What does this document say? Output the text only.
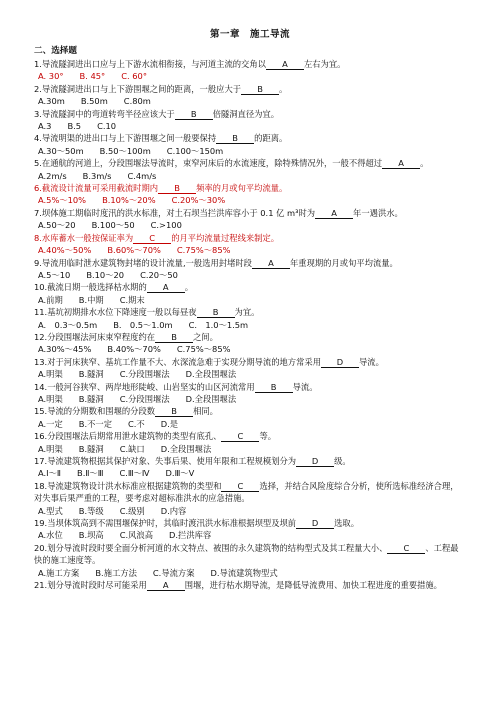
第一章　施工导流
二、选择题

1.导流隧洞进出口应与上下游水流相衔接，与河道主流的交角以 A 左右为宜。

A. 30° B. 45° C. 60°

2.导流隧洞进出口与上下游围堰之间的距离，一般应大于 B 。

A.30m B.50m C.80m

3.导流隧洞中的弯道转弯半径应该大于 B 倍隧洞直径为宜。

A.3 B.5 C.10

4.导流明渠的进出口与上下游围堰之间一般要保持 B 的距离。

A.30～50m B.50～100m C.100～150m

5.在通航的河道上，分段围堰法导流时，束窄河床后的水流速度，除特殊情况外，一般不得超过 A 。

A.2m/s B.3m/s C.4m/s

6.截流设计流量可采用截流时期内 B 频率的月或旬平均流量。

A.5%～10% B.10%～20% C.20%～30%

7.坝体施工期临时度汛的洪水标准，对土石坝当拦洪库容小于 0.1 亿 m³时为 A 年一遇洪水。

A.50～20 B.100～50 C.>100

8.水库蓄水一般按保证率为 C 的月平均流量过程线来制定。

A.40%～50% B.60%～70% C.75%～85%

9.导流用临时泄水建筑物封堵的设计流量,一般选用封堵时段 A 年重现期的月或旬平均流量。

A.5～10 B.10～20 C.20～50

10.截流日期一般选择枯水期的 A 。

A.前期 B.中期 C.期末

11.基坑初期排水水位下降速度一般以每昼夜 B 为宜。

A.　0.3～0.5m B.　0.5～1.0m C.　1.0～1.5m

12.分段围堰法河床束窄程度约在 B 之间。

A.30%～45% B.40%～70% C.75%～85%

13.对于河床狭窄、基坑工作量不大、水深流急难于实现分期导流的地方常采用 D 导流。

A.明渠 B.隧洞 C.分段围堰法 D.全段围堰法

14.一般河谷狭窄、两岸地形陡峻、山岩坚实的山区河流常用 B 导流。

A.明渠 B.隧洞 C.分段围堰法 D.全段围堰法

15.导流的分期数和围堰的分段数 B 相同。

A.一定 B.不一定 C.不 D.是

16.分段围堰法后期常用泄水建筑物的类型有底孔、 C 等。

A.明渠 B.隧洞 C.缺口 D.全段围堰法

17.导流建筑物根据其保护对象、失事后果、使用年限和工程规模划分为 D 级。

A.Ⅰ～Ⅱ B.Ⅱ～Ⅲ C.Ⅲ～Ⅳ D.Ⅲ～Ⅴ

18.导流建筑物设计洪水标准应根据建筑物的类型和 C 选择，并结合风险度综合分析，使所选标准经济合理，对失事后果严重的工程，要考虑对超标准洪水的应急措施。

A.型式 B.等级 C.级别 D.内容

19.当坝体筑高到不需围堰保护时，其临时渡汛洪水标准根据坝型及坝前 D 选取。

A.水位 B.坝高 C.风浪高 D.拦洪库容

20.划分导流时段时要全面分析河道的水文特点、被围的永久建筑物的结构型式及其工程量大小、 C 、工程最快的施工速度等。

A.施工方案 B.施工方法 C.导流方案 D.导流建筑物型式

21.划分导流时段时尽可能采用 A 围堰，进行枯水期导流，是降低导流费用、加快工程进度的重要措施。
